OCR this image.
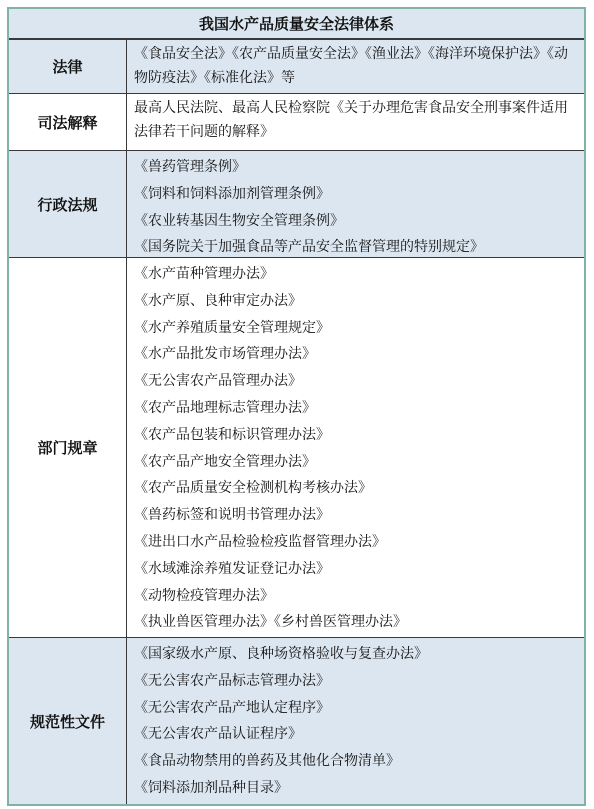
我国水产品质量安全法律体系
法律
《食品安全法》《农产品质量安全法》《渔业法》《海洋环境保护法》《动物防疫法》《标准化法》等
司法解释
最高人民法院、最高人民检察院《关于办理危害食品安全刑事案件适用法律若干问题的解释》
行政法规
《兽药管理条例》
《饲料和饲料添加剂管理条例》
《农业转基因生物安全管理条例》
《国务院关于加强食品等产品安全监督管理的特别规定》
部门规章
《水产苗种管理办法》
《水产原、良种审定办法》
《水产养殖质量安全管理规定》
《水产品批发市场管理办法》
《无公害农产品管理办法》
《农产品地理标志管理办法》
《农产品包装和标识管理办法》
《农产品产地安全管理办法》
《农产品质量安全检测机构考核办法》
《兽药标签和说明书管理办法》
《进出口水产品检验检疫监督管理办法》
《水域滩涂养殖发证登记办法》
《动物检疫管理办法》
《执业兽医管理办法》《乡村兽医管理办法》
规范性文件
《国家级水产原、良种场资格验收与复查办法》
《无公害农产品标志管理办法》
《无公害农产品产地认定程序》
《无公害农产品认证程序》
《食品动物禁用的兽药及其他化合物清单》
《饲料添加剂品种目录》
